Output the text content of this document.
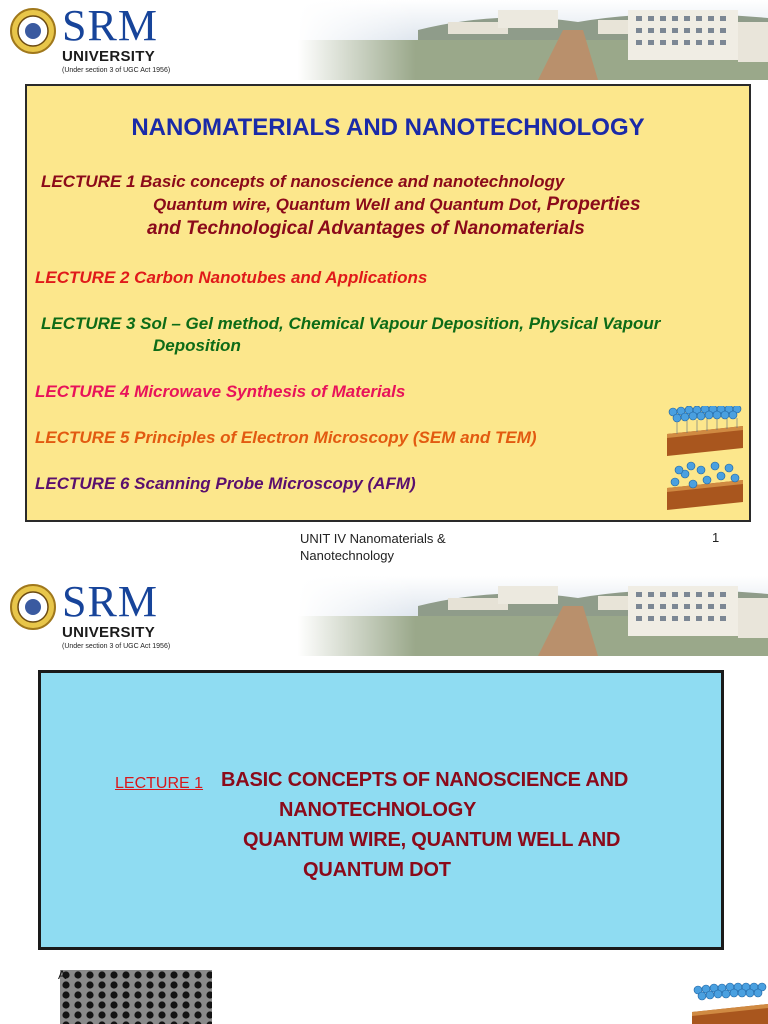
SRM
UNIVERSITY
(Under section 3 of UGC Act 1956)
NANOMATERIALS AND NANOTECHNOLOGY
LECTURE 1 Basic concepts of nanoscience and nanotechnology
Quantum wire, Quantum Well and Quantum Dot, Properties
and Technological Advantages of Nanomaterials
LECTURE 2 Carbon Nanotubes and Applications
LECTURE 3 Sol – Gel method, Chemical Vapour Deposition, Physical Vapour
Deposition
LECTURE 4 Microwave Synthesis of Materials
LECTURE 5 Principles of Electron Microscopy (SEM and TEM)
LECTURE 6 Scanning Probe Microscopy (AFM)
UNIT IV Nanomaterials &
Nanotechnology
1
SRM
UNIVERSITY
(Under section 3 of UGC Act 1956)
LECTURE 1 BASIC CONCEPTS OF NANOSCIENCE AND
NANOTECHNOLOGY
QUANTUM WIRE, QUANTUM WELL AND
QUANTUM DOT
A
